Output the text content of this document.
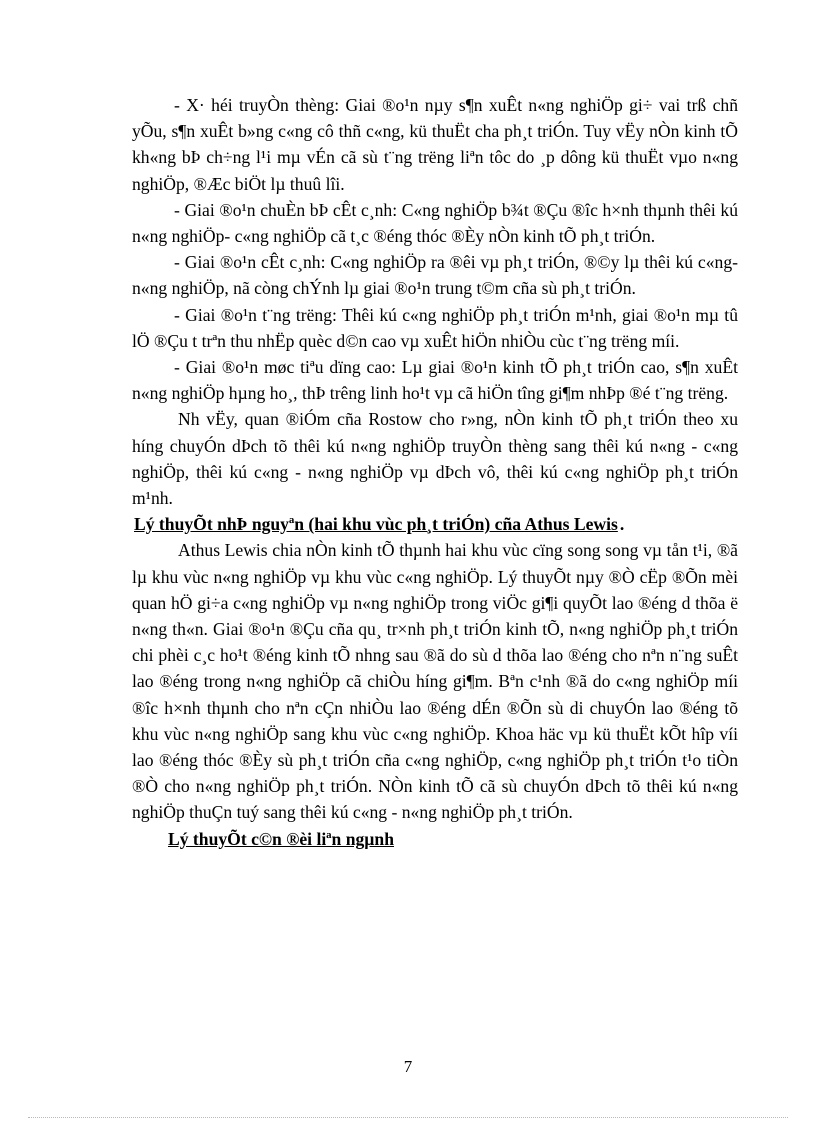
- X· héi truyÒn thèng: Giai ®o¹n nµy s¶n xuÊt n«ng nghiÖp gi÷ vai trß chñ yÕu, s¶n xuÊt b»ng c«ng cô thñ c«ng, kü thuËt cha ph¸t triÓn. Tuy vËy nÒn kinh tÕ kh«ng bÞ ch÷ng l¹i mµ vÉn cã sù t¨ng trëng liªn tôc do ¸p dông kü thuËt vµo n«ng nghiÖp, ®Æc biÖt lµ thuû lîi.

- Giai ®o¹n chuÈn bÞ cÊt c¸nh: C«ng nghiÖp b¾t ®Çu ®îc h×nh thµnh thêi kú n«ng nghiÖp- c«ng nghiÖp cã t¸c ®éng thóc ®Èy nÒn kinh tÕ ph¸t triÓn.

- Giai ®o¹n cÊt c¸nh: C«ng nghiÖp ra ®êi vµ ph¸t triÓn, ®©y lµ thêi kú c«ng- n«ng nghiÖp, nã còng chÝnh lµ giai ®o¹n trung t©m cña sù ph¸t triÓn.

- Giai ®o¹n t¨ng trëng: Thêi kú c«ng nghiÖp ph¸t triÓn m¹nh, giai ®o¹n mµ tû lÖ ®Çu t trªn thu nhËp quèc d©n cao vµ xuÊt hiÖn nhiÒu cùc t¨ng trëng míi.

- Giai ®o¹n møc tiªu dïng cao: Lµ giai ®o¹n kinh tÕ ph¸t triÓn cao, s¶n xuÊt n«ng nghiÖp hµng ho¸, thÞ trêng linh ho¹t vµ cã hiÖn tîng gi¶m nhÞp ®é t¨ng trëng.

Nh vËy, quan ®iÓm cña Rostow cho r»ng, nÒn kinh tÕ ph¸t triÓn theo xu híng chuyÓn dÞch tõ thêi kú n«ng nghiÖp truyÒn thèng sang thêi kú n«ng - c«ng nghiÖp, thêi kú c«ng - n«ng nghiÖp vµ dÞch vô, thêi kú c«ng nghiÖp ph¸t triÓn m¹nh.

Lý thuyÕt nhÞ nguyªn (hai khu vùc ph¸t triÓn) cña Athus Lewis .

Athus Lewis chia nÒn kinh tÕ thµnh hai khu vùc cïng song song vµ tån t¹i, ®ã lµ khu vùc n«ng nghiÖp vµ khu vùc c«ng nghiÖp. Lý thuyÕt nµy ®Ò cËp ®Õn mèi quan hÖ gi÷a c«ng nghiÖp vµ n«ng nghiÖp trong viÖc gi¶i quyÕt lao ®éng d thõa ë n«ng th«n. Giai ®o¹n ®Çu cña qu¸ tr×nh ph¸t triÓn kinh tÕ, n«ng nghiÖp ph¸t triÓn chi phèi c¸c ho¹t ®éng kinh tÕ nhng sau ®ã do sù d thõa lao ®éng cho nªn n¨ng suÊt lao ®éng trong n«ng nghiÖp cã chiÒu híng gi¶m. Bªn c¹nh ®ã do c«ng nghiÖp míi ®îc h×nh thµnh cho nªn cÇn nhiÒu lao ®éng dÉn ®Õn sù di chuyÓn lao ®éng tõ khu vùc n«ng nghiÖp sang khu vùc c«ng nghiÖp. Khoa häc vµ kü thuËt kÕt hîp víi lao ®éng thóc ®Èy sù ph¸t triÓn cña c«ng nghiÖp, c«ng nghiÖp ph¸t triÓn t¹o tiÒn ®Ò cho n«ng nghiÖp ph¸t triÓn. NÒn kinh tÕ cã sù chuyÓn dÞch tõ thêi kú n«ng nghiÖp thuÇn tuý sang thêi kú c«ng - n«ng nghiÖp ph¸t triÓn.

Lý thuyÕt c©n ®èi liªn ngµnh
7
